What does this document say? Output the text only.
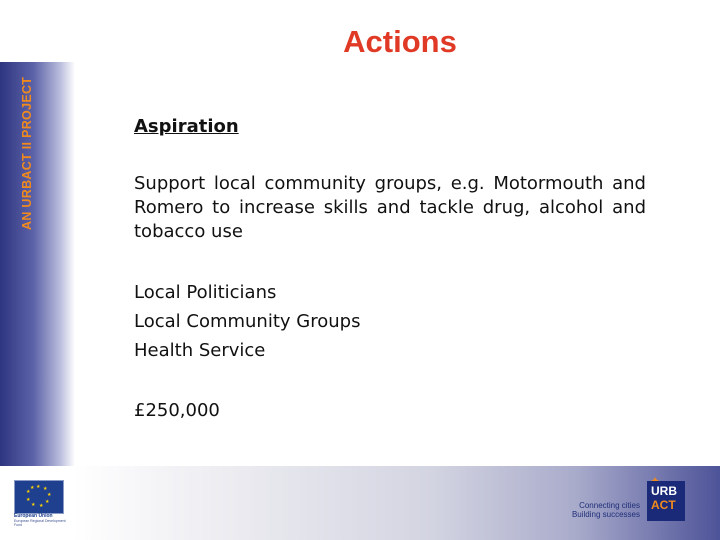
Actions

Aspiration

Support local community groups, e.g. Motormouth and Romero to increase skills and tackle drug, alcohol and tobacco use

Local Politicians
Local Community Groups
Health Service

£250,000

★ ★
★
★
★
★
★
★
★
European Union
European Regional Development Fund
Connecting cities
Building successes
URB
ACT
